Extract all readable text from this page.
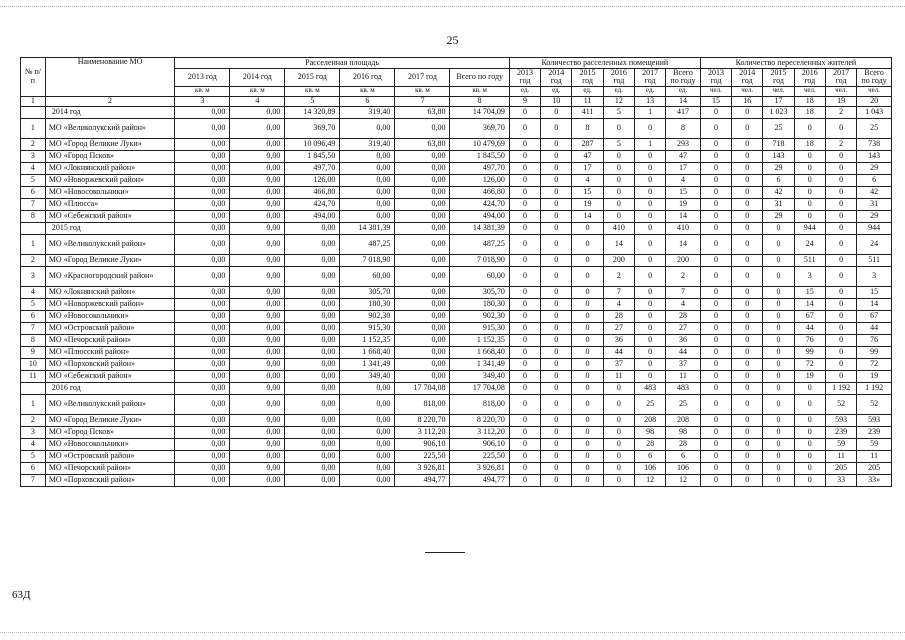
25
№ п/п	Наименование МО	Расселенная площадь						Количество расселенных помещений						Количество переселенных жителей					
		2013 год	2014 год	2015 год	2016 год	2017 год	Всего по году	2013 год	2014 год	2015 год	2016 год	2017 год	Всего по году	2013 год	2014 год	2015 год	2016 год	2017 год	Всего по году
		кв. м	кв. м	кв. м	кв. м	кв. м	кв. м	ед.	ед.	ед.	ед.	ед.	ед.	чел.	чел.	чел.	чел.	чел.	чел.
1	2	3	4	5	6	7	8	9	10	11	12	13	14	15	16	17	18	19	20
	2014 год	0,00	0,00	14 320,89	319,40	63,80	14 704,09	0	0	411	5	1	417	0	0	1 023	18	2	1 043
1	МО «Великолукский район»	0,00	0,00	369,70	0,00	0,00	369,70	0	0	8	0	0	8	0	0	25	0	0	25
2	МО «Город Великие Луки»	0,00	0,00	10 096,49	319,40	63,80	10 479,69	0	0	287	5	1	293	0	0	718	18	2	738
3	МО «Город Псков»	0,00	0,00	1 845,50	0,00	0,00	1 845,50	0	0	47	0	0	47	0	0	143	0	0	143
4	МО «Локнянский район»	0,00	0,00	497,70	0,00	0,00	497,70	0	0	17	0	0	17	0	0	29	0	0	29
5	МО «Новоржевский район»	0,00	0,00	126,00	0,00	0,00	126,00	0	0	4	0	0	4	0	0	6	0	0	6
6	МО «Новосокольники»	0,00	0,00	466,80	0,00	0,00	466,80	0	0	15	0	0	15	0	0	42	0	0	42
7	МО «Плюсса»	0,00	0,00	424,70	0,00	0,00	424,70	0	0	19	0	0	19	0	0	31	0	0	31
8	МО «Себежский район»	0,00	0,00	494,00	0,00	0,00	494,00	0	0	14	0	0	14	0	0	29	0	0	29
	2015 год	0,00	0,00	0,00	14 381,39	0,00	14 381,39	0	0	0	410	0	410	0	0	0	944	0	944
1	МО «Великолукский район»	0,00	0,00	0,00	487,25	0,00	487,25	0	0	0	14	0	14	0	0	0	24	0	24
2	МО «Город Великие Луки»	0,00	0,00	0,00	7 018,90	0,00	7 018,90	0	0	0	200	0	200	0	0	0	511	0	511
3	МО «Красногородский район»	0,00	0,00	0,00	60,00	0,00	60,00	0	0	0	2	0	2	0	0	0	3	0	3
4	МО «Локнянский район»	0,00	0,00	0,00	305,70	0,00	305,70	0	0	0	7	0	7	0	0	0	15	0	15
5	МО «Новоржевский район»	0,00	0,00	0,00	180,30	0,00	180,30	0	0	0	4	0	4	0	0	0	14	0	14
6	МО «Новосокольники»	0,00	0,00	0,00	902,30	0,00	902,30	0	0	0	28	0	28	0	0	0	67	0	67
7	МО «Островский район»	0,00	0,00	0,00	915,30	0,00	915,30	0	0	0	27	0	27	0	0	0	44	0	44
8	МО «Печорский район»	0,00	0,00	0,00	1 152,35	0,00	1 152,35	0	0	0	36	0	36	0	0	0	76	0	76
9	МО «Плюсский район»	0,00	0,00	0,00	1 668,40	0,00	1 668,40	0	0	0	44	0	44	0	0	0	99	0	99
10	МО «Порховский район»	0,00	0,00	0,00	1 341,49	0,00	1 341,49	0	0	0	37	0	37	0	0	0	72	0	72
11	МО «Себежский район»	0,00	0,00	0,00	349,40	0,00	349,40	0	0	0	11	0	11	0	0	0	19	0	19
	2016 год	0,00	0,00	0,00	0,00	17 704,08	17 704,08	0	0	0	0	483	483	0	0	0	0	1 192	1 192
1	МО «Великолукский район»	0,00	0,00	0,00	0,00	818,00	818,00	0	0	0	0	25	25	0	0	0	0	52	52
2	МО «Город Великие Луки»	0,00	0,00	0,00	0,00	8 220,70	8 220,70	0	0	0	0	208	208	0	0	0	0	593	593
3	МО «Город Псков»	0,00	0,00	0,00	0,00	3 112,20	3 112,20	0	0	0	0	98	98	0	0	0	0	239	239
4	МО «Новосокольники»	0,00	0,00	0,00	0,00	906,10	906,10	0	0	0	0	28	28	0	0	0	0	59	59
5	МО «Островский район»	0,00	0,00	0,00	0,00	225,50	225,50	0	0	0	0	6	6	0	0	0	0	11	11
6	МО «Печорский район»	0,00	0,00	0,00	0,00	3 926,81	3 926,81	0	0	0	0	106	106	0	0	0	0	205	205
7	МО «Порховский район»	0,00	0,00	0,00	0,00	494,77	494,77	0	0	0	0	12	12	0	0	0	0	33	33»
63Д
